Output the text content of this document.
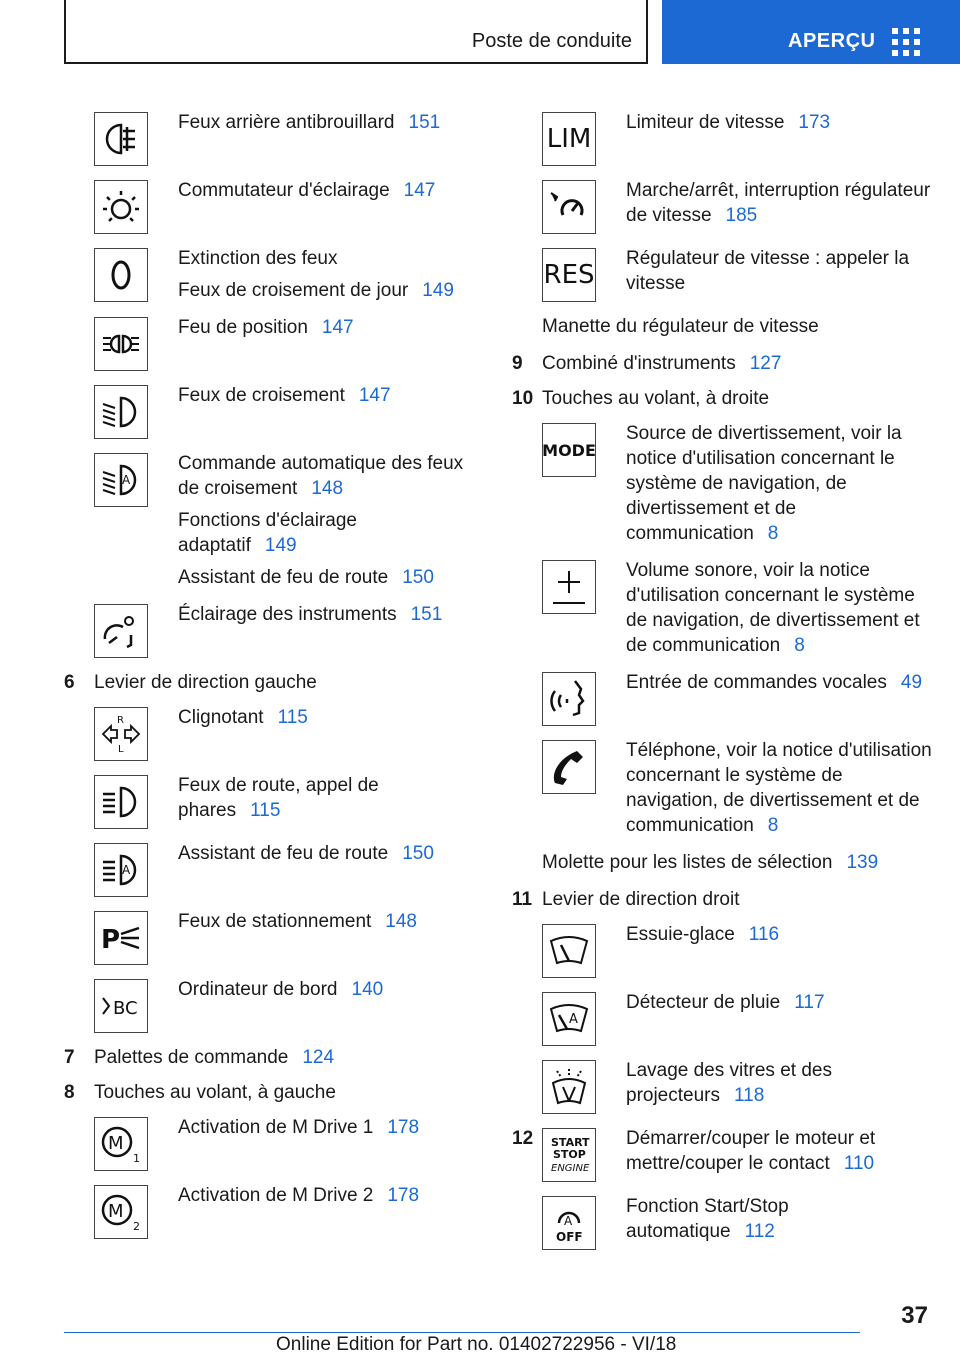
Poste de conduite	APERÇU

Feux arrière antibrouillard 151

Commutateur d'éclairage 147

Extinction des feux

Feux de croisement de jour 149

Feu de position 147

Feux de croisement 147

A

Commande automatique des feux de croisement 148

Fonctions d'éclairage adaptatif 149

Assistant de feu de route 150

Éclairage des instruments 151

6	Levier de direction gauche
R
L

Clignotant 115

Feux de route, appel de phares 115

A

Assistant de feu de route 150

P

Feux de stationnement 148

BC

Ordinateur de bord 140

7	Palettes de commande 124
8	Touches au volant, à gauche
M
1

Activation de M Drive 1 178

M
2

Activation de M Drive 2 178

LIM

Limiteur de vitesse 173

Marche/arrêt, interruption régulateur de vitesse 185

RES

Régulateur de vitesse : appeler la vitesse

Manette du régulateur de vitesse
9	Combiné d'instruments 127
10 Touches au volant, à droite
MODE

Source de divertissement, voir la notice d'utilisation concernant le système de navigation, de divertissement et de communication 8

Volume sonore, voir la notice d'utilisation concernant le système de navigation, de divertissement et de communication 8

Entrée de commandes vocales 49

Téléphone, voir la notice d'utilisation concernant le système de navigation, de divertissement et de communication 8

Molette pour les listes de sélection 139
11 Levier de direction droit

Essuie-glace 116

A

Détecteur de pluie 117

Lavage des vitres et des projecteurs 118

12 START
STOP
ENGINE

Démarrer/couper le moteur et mettre/couper le contact 110

A
OFF

Fonction Start/Stop automatique 112

37
Online Edition for Part no. 01402722956 - VI/18
